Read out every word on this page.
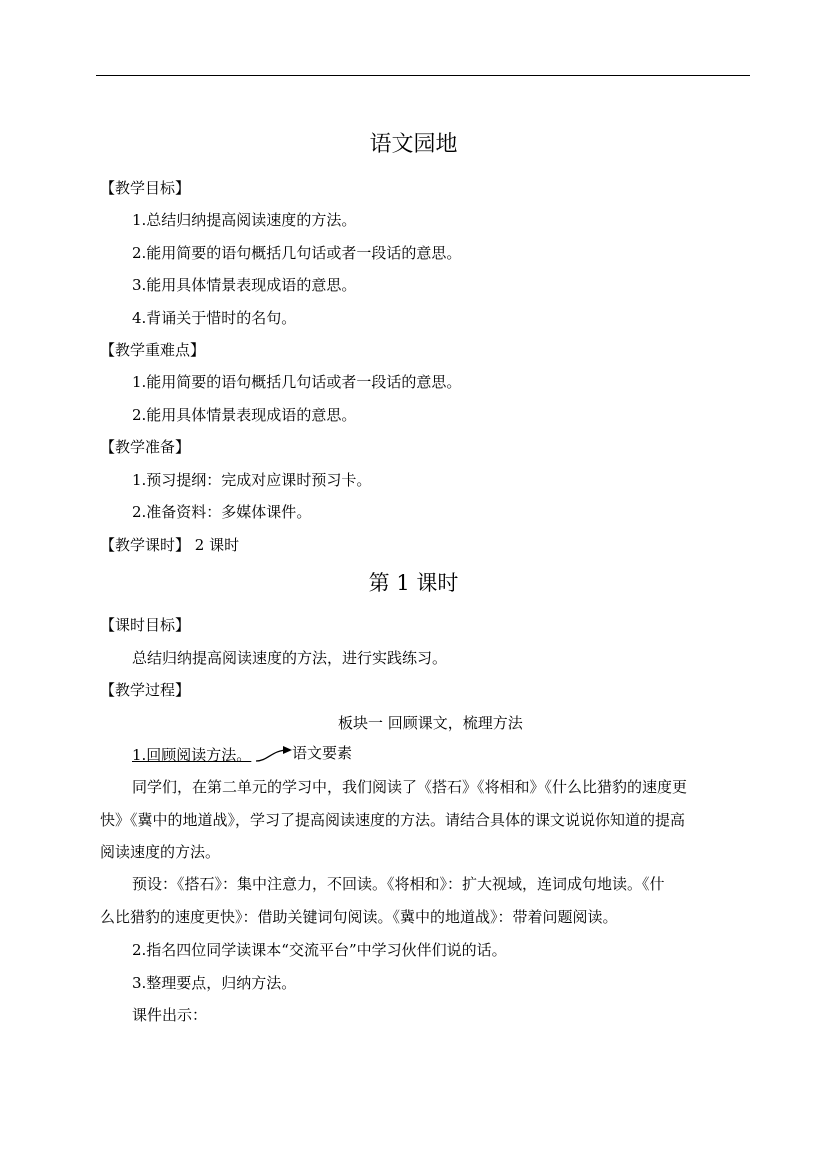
语文园地
【教学目标】
1.总结归纳提高阅读速度的方法。
2.能用简要的语句概括几句话或者一段话的意思。
3.能用具体情景表现成语的意思。
4.背诵关于惜时的名句。
【教学重难点】
1.能用简要的语句概括几句话或者一段话的意思。
2.能用具体情景表现成语的意思。
【教学准备】
1.预习提纲：完成对应课时预习卡。
2.准备资料：多媒体课件。
【教学课时】 2 课时
第 1 课时
【课时目标】
总结归纳提高阅读速度的方法，进行实践练习。
【教学过程】
板块一 回顾课文，梳理方法
1.回顾阅读方法。	语文要素
同学们，在第二单元的学习中，我们阅读了《搭石》《将相和》《什么比猎豹的速度更
快》《冀中的地道战》，学习了提高阅读速度的方法。请结合具体的课文说说你知道的提高
阅读速度的方法。
预设：《搭石》：集中注意力，不回读。《将相和》：扩大视域，连词成句地读。《什
么比猎豹的速度更快》：借助关键词句阅读。《冀中的地道战》：带着问题阅读。
2.指名四位同学读课本“交流平台”中学习伙伴们说的话。
3.整理要点，归纳方法。
课件出示：
